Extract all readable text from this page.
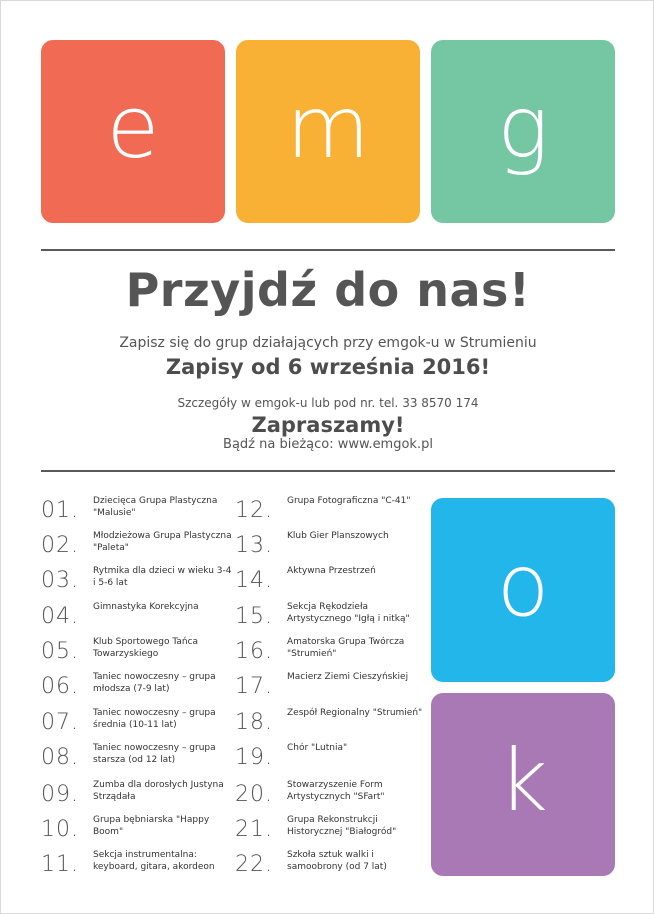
e m g
Przyjdź do nas!
Zapisz się do grup działających przy emgok-u w Strumieniu
Zapisy od 6 września 2016!
Szczegóły w emgok-u lub pod nr. tel. 33 8570 174
Zapraszamy!
Bądź na bieżąco: www.emgok.pl
01. Dziecięca Grupa Plastyczna "Malusie"
02. Młodzieżowa Grupa Plastyczna "Paleta"
03. Rytmika dla dzieci w wieku 3-4 i 5-6 lat
04. Gimnastyka Korekcyjna
05. Klub Sportowego Tańca Towarzyskiego
06. Taniec nowoczesny – grupa młodsza (7-9 lat)
07. Taniec nowoczesny – grupa średnia (10-11 lat)
08. Taniec nowoczesny – grupa starsza (od 12 lat)
09. Zumba dla dorosłych Justyna Strządała
10. Grupa bębniarska "Happy Boom"
11. Sekcja instrumentalna: keyboard, gitara, akordeon
12. Grupa Fotograficzna "C-41"
13. Klub Gier Planszowych
14. Aktywna Przestrzeń
15. Sekcja Rękodzieła Artystycznego "Igłą i nitką"
16. Amatorska Grupa Twórcza "Strumień"
17. Macierz Ziemi Cieszyńskiej
18. Zespół Regionalny "Strumień"
19. Chór "Lutnia"
20. Stowarzyszenie Form Artystycznych "SFart"
21. Grupa Rekonstrukcji Historycznej "Białogród"
22. Szkoła sztuk walki i samoobrony (od 7 lat)
o
k
